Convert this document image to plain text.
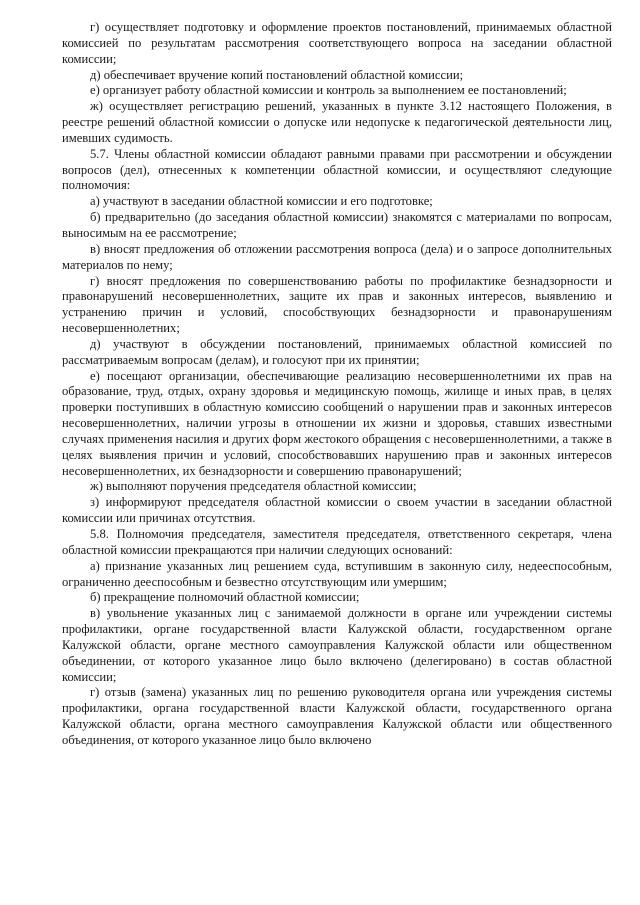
г) осуществляет подготовку и оформление проектов постановлений, принимаемых областной комиссией по результатам рассмотрения соответствующего вопроса на заседании областной комиссии;

д) обеспечивает вручение копий постановлений областной комиссии;

е) организует работу областной комиссии и контроль за выполнением ее постановлений;

ж) осуществляет регистрацию решений, указанных в пункте 3.12 настоящего Положения, в реестре решений областной комиссии о допуске или недопуске к педагогической деятельности лиц, имевших судимость.

5.7. Члены областной комиссии обладают равными правами при рассмотрении и обсуждении вопросов (дел), отнесенных к компетенции областной комиссии, и осуществляют следующие полномочия:

а) участвуют в заседании областной комиссии и его подготовке;

б) предварительно (до заседания областной комиссии) знакомятся с материалами по вопросам, выносимым на ее рассмотрение;

в) вносят предложения об отложении рассмотрения вопроса (дела) и о запросе дополнительных материалов по нему;

г) вносят предложения по совершенствованию работы по профилактике безнадзорности и правонарушений несовершеннолетних, защите их прав и законных интересов, выявлению и устранению причин и условий, способствующих безнадзорности и правонарушениям несовершеннолетних;

д) участвуют в обсуждении постановлений, принимаемых областной комиссией по рассматриваемым вопросам (делам), и голосуют при их принятии;

е) посещают организации, обеспечивающие реализацию несовершеннолетними их прав на образование, труд, отдых, охрану здоровья и медицинскую помощь, жилище и иных прав, в целях проверки поступивших в областную комиссию сообщений о нарушении прав и законных интересов несовершеннолетних, наличии угрозы в отношении их жизни и здоровья, ставших известными случаях применения насилия и других форм жестокого обращения с несовершеннолетними, а также в целях выявления причин и условий, способствовавших нарушению прав и законных интересов несовершеннолетних, их безнадзорности и совершению правонарушений;

ж) выполняют поручения председателя областной комиссии;

з) информируют председателя областной комиссии о своем участии в заседании областной комиссии или причинах отсутствия.

5.8. Полномочия председателя, заместителя председателя, ответственного секретаря, члена областной комиссии прекращаются при наличии следующих оснований:

а) признание указанных лиц решением суда, вступившим в законную силу, недееспособным, ограниченно дееспособным и безвестно отсутствующим или умершим;

б) прекращение полномочий областной комиссии;

в) увольнение указанных лиц с занимаемой должности в органе или учреждении системы профилактики, органе государственной власти Калужской области, государственном органе Калужской области, органе местного самоуправления Калужской области или общественном объединении, от которого указанное лицо было включено (делегировано) в состав областной комиссии;

г) отзыв (замена) указанных лиц по решению руководителя органа или учреждения системы профилактики, органа государственной власти Калужской области, государственного органа Калужской области, органа местного самоуправления Калужской области или общественного объединения, от которого указанное лицо было включено
